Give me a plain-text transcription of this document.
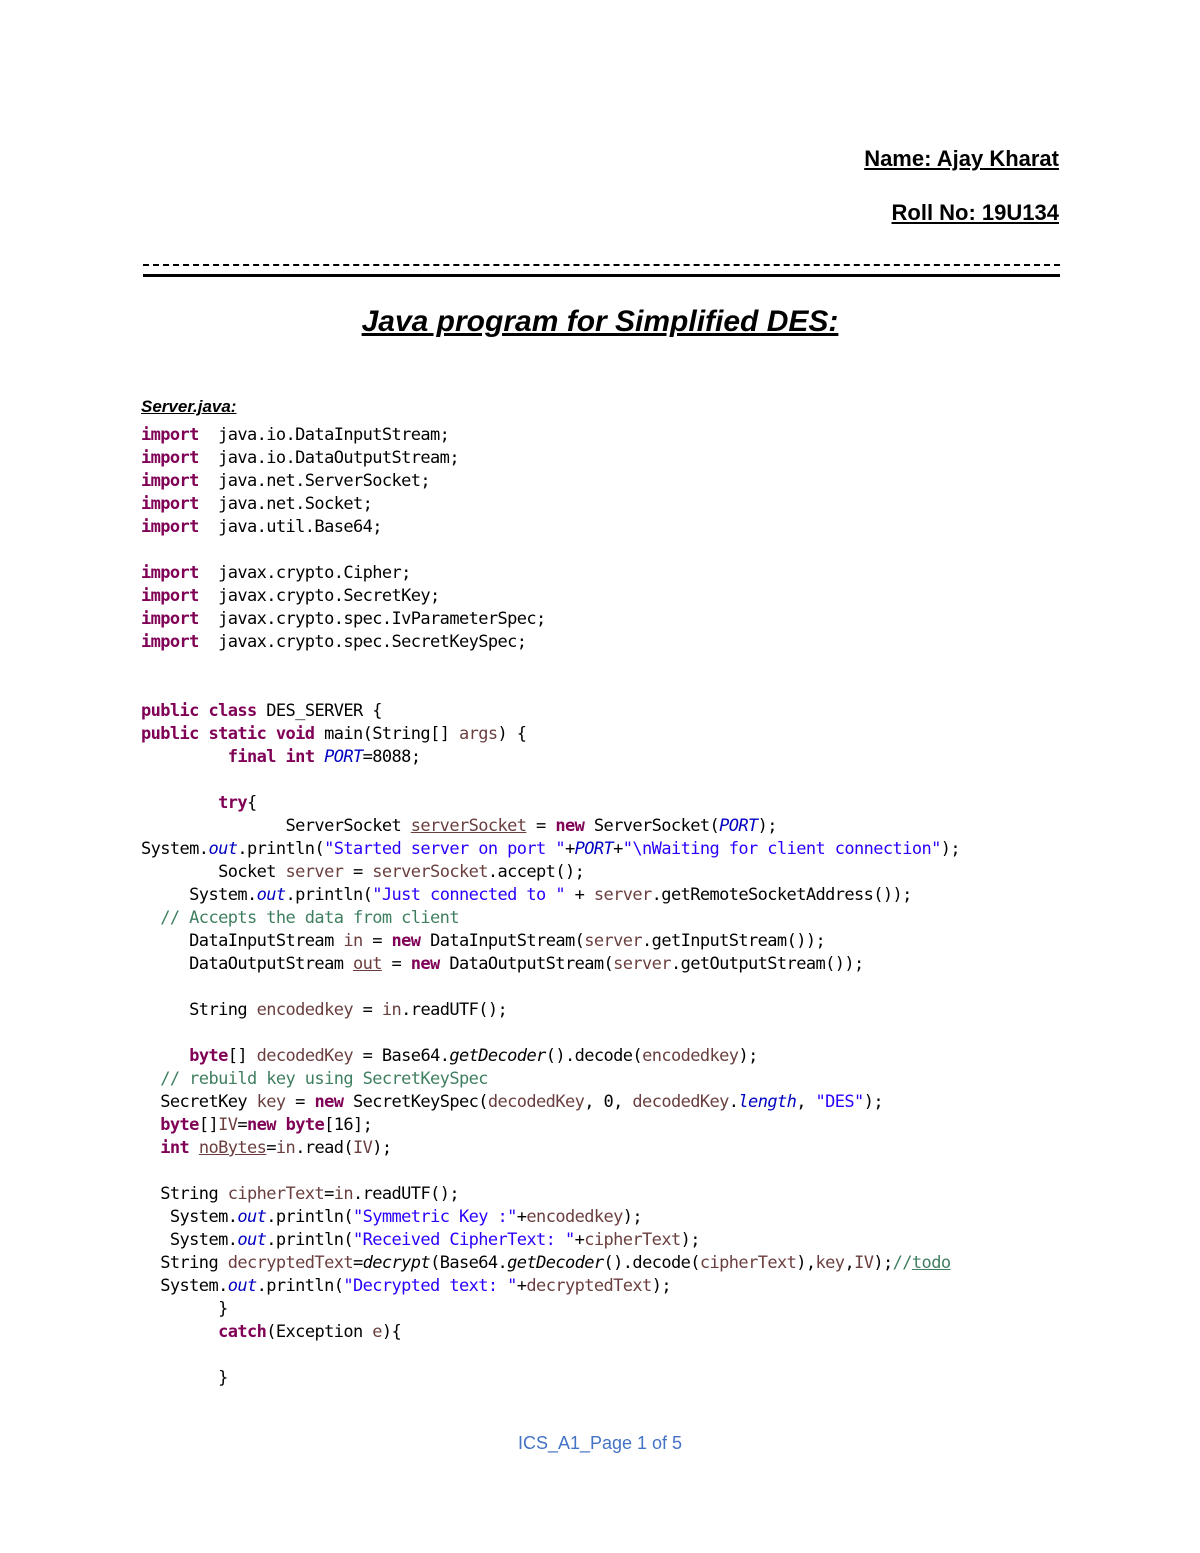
Name: Ajay Kharat
Roll No: 19U134
Java program for Simplified DES:
Server.java:
import  java.io.DataInputStream;
import  java.io.DataOutputStream;
import  java.net.ServerSocket;
import  java.net.Socket;
import  java.util.Base64;

import  javax.crypto.Cipher;
import  javax.crypto.SecretKey;
import  javax.crypto.spec.IvParameterSpec;
import  javax.crypto.spec.SecretKeySpec;

public class DES_SERVER {
public static void main(String[] args) {
final int PORT=8088;

try{
ServerSocket serverSocket = new ServerSocket(PORT);
System.out.println("Started server on port "+PORT+"\nWaiting for client connection");
Socket server = serverSocket.accept();
System.out.println("Just connected to " + server.getRemoteSocketAddress());
// Accepts the data from client
DataInputStream in = new DataInputStream(server.getInputStream());
DataOutputStream out = new DataOutputStream(server.getOutputStream());

String encodedkey = in.readUTF();

byte[] decodedKey = Base64.getDecoder().decode(encodedkey);
// rebuild key using SecretKeySpec
SecretKey key = new SecretKeySpec(decodedKey, 0, decodedKey.length, "DES");
byte[]IV=new byte[16];
int noBytes=in.read(IV);

String cipherText=in.readUTF();
System.out.println("Symmetric Key :"+encodedkey);
System.out.println("Received CipherText: "+cipherText);
String decryptedText=decrypt(Base64.getDecoder().decode(cipherText),key,IV);//todo
System.out.println("Decrypted text: "+decryptedText);
}
catch(Exception e){

}
ICS_A1_Page 1 of 5
